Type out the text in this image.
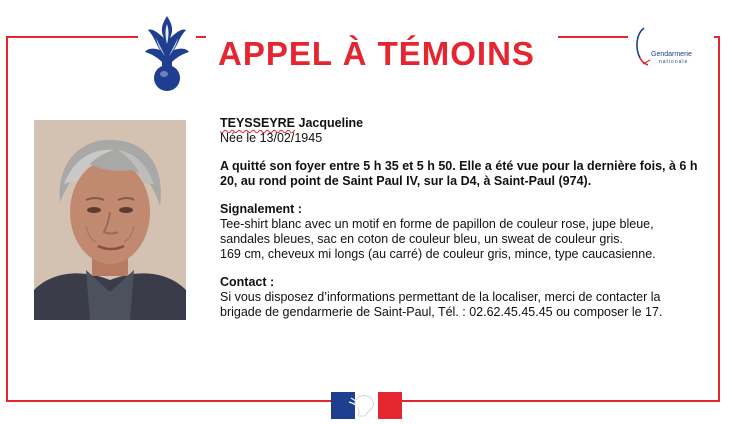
APPEL À TÉMOINS	Gendarmerie
nationale

TEYSSEYRE Jacqueline

Née le 13/02/1945

A quitté son foyer entre 5 h 35 et 5 h 50. Elle a été vue pour la dernière fois, à 6 h 20, au rond point de Saint Paul IV, sur la D4, à Saint-Paul (974).

Signalement :

Tee-shirt blanc avec un motif en forme de papillon de couleur rose, jupe bleue,

sandales bleues, sac en coton de couleur bleu, un sweat de couleur gris.

169 cm, cheveux mi longs (au carré) de couleur gris, mince, type caucasienne.

Contact :

Si vous disposez d’informations permettant de la localiser, merci de contacter la

brigade de gendarmerie de Saint-Paul, Tél. : 02.62.45.45.45 ou composer le 17.
